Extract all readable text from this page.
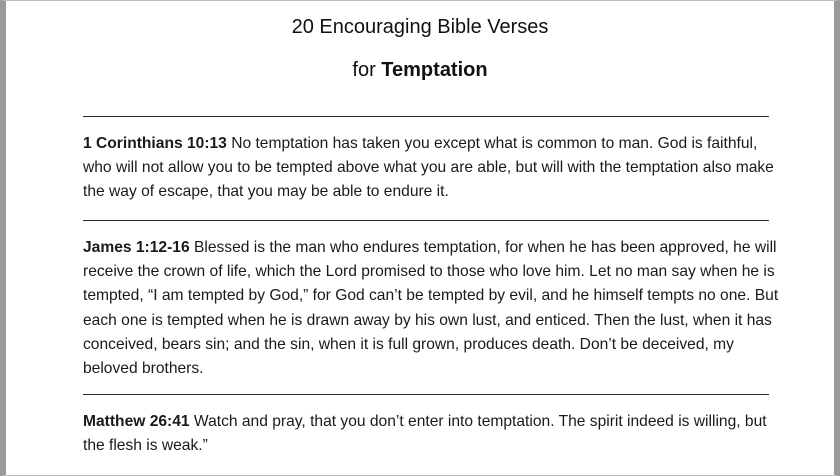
20 Encouraging Bible Verses
for Temptation

1 Corinthians 10:13 No temptation has taken you except what is common to man. God is faithful, who will not allow you to be tempted above what you are able, but will with the temptation also make the way of escape, that you may be able to endure it.

James 1:12-16 Blessed is the man who endures temptation, for when he has been approved, he will receive the crown of life, which the Lord promised to those who love him. Let no man say when he is tempted, “I am tempted by God,” for God can’t be tempted by evil, and he himself tempts no one. But each one is tempted when he is drawn away by his own lust, and enticed. Then the lust, when it has conceived, bears sin; and the sin, when it is full grown, produces death. Don’t be deceived, my beloved brothers.

Matthew 26:41 Watch and pray, that you don’t enter into temptation. The spirit indeed is willing, but the flesh is weak.”
